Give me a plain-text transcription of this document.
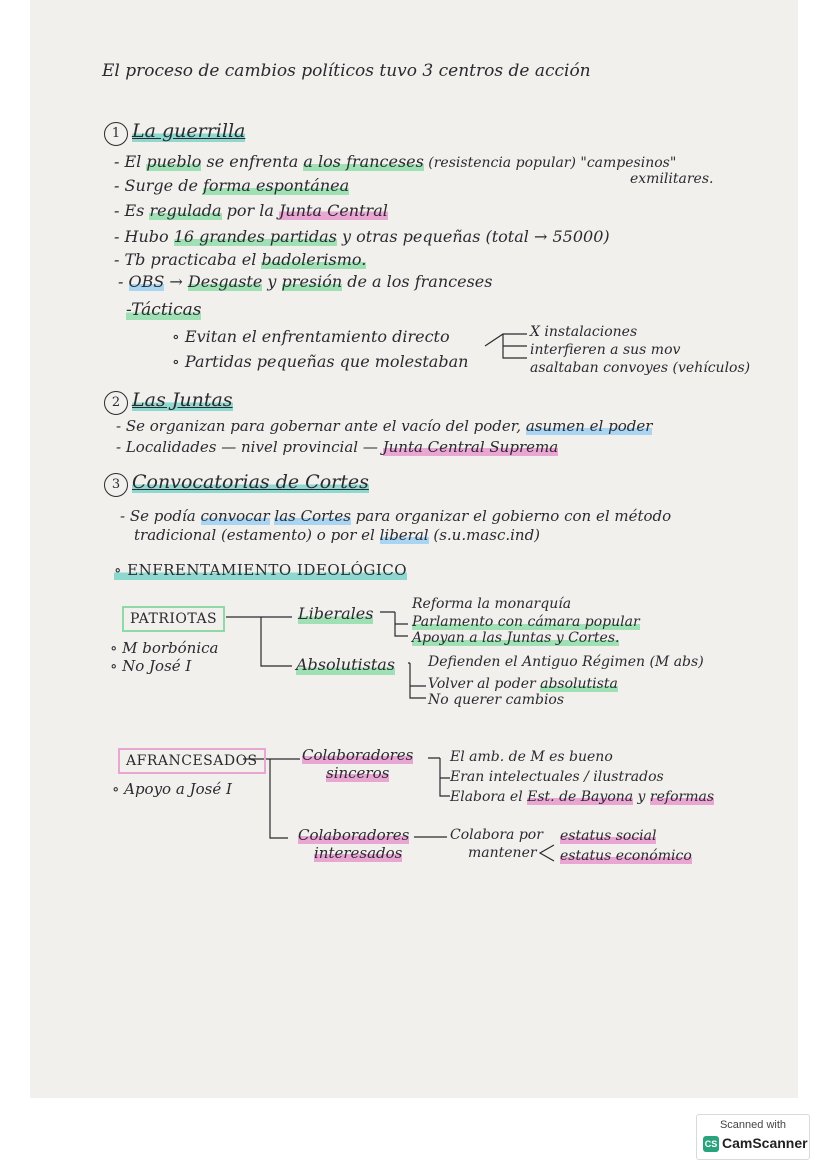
El proceso de cambios políticos tuvo 3 centros de acción
1 La guerrilla
- El pueblo se enfrenta a los franceses (resistencia popular) "campesinos"
exmilitares.
- Surge de forma espontánea
- Es regulada por la Junta Central
- Hubo 16 grandes partidas y otras pequeñas (total → 55000)
- Tb practicaba el badolerismo.
- OBS → Desgaste y presión de a los franceses
-Tácticas
∘ Evitan el enfrentamiento directo
∘ Partidas pequeñas que molestaban
X instalaciones
interfieren a sus mov
asaltaban convoyes (vehículos)
2 Las Juntas
- Se organizan para gobernar ante el vacío del poder, asumen el poder
- Localidades — nivel provincial — Junta Central Suprema
3 Convocatorias de Cortes
- Se podía convocar las Cortes para organizar el gobierno con el método
tradicional (estamento) o por el liberal (s.u.masc.ind)
∘ ENFRENTAMIENTO IDEOLÓGICO
PATRIOTAS
∘ M borbónica
∘ No José I
Liberales	Reforma la monarquía
Parlamento con cámara popular
Apoyan a las Juntas y Cortes.
Absolutistas Defienden el Antiguo Régimen (M abs)
Volver al poder absolutista
No querer cambios
AFRANCESADOS
∘ Apoyo a José I
Colaboradores
sinceros
El amb. de M es bueno
Eran intelectuales / ilustrados
Elabora el Est. de Bayona y reformas
Colaboradores
interesados
Colabora por
mantener
estatus social
estatus económico
Scanned with
CS CamScanner
